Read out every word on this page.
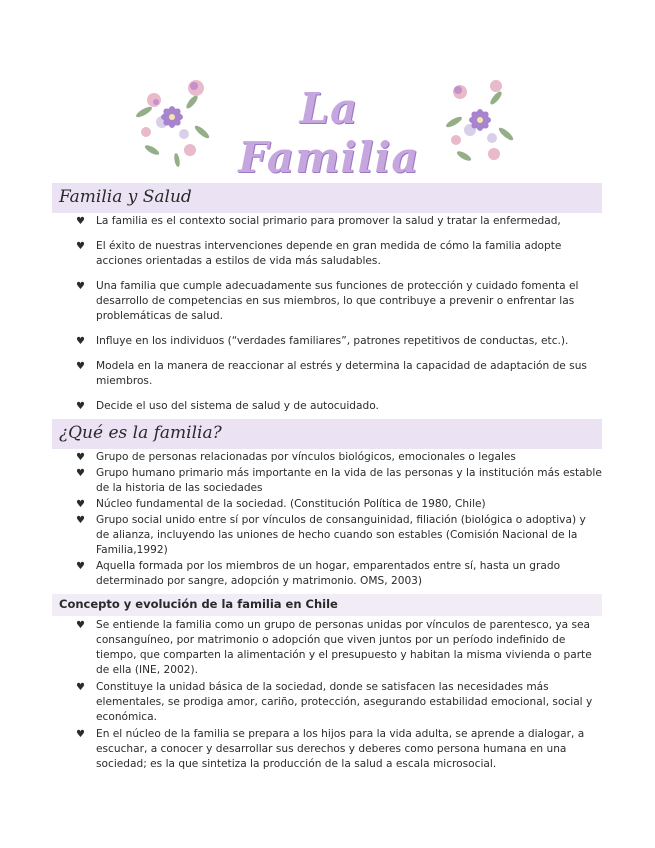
La Familia
Familia y Salud
♥ La familia es el contexto social primario para promover la salud y tratar la enfermedad,
♥ El éxito de nuestras intervenciones depende en gran medida de cómo la familia adopte acciones orientadas a estilos de vida más saludables.
♥ Una familia que cumple adecuadamente sus funciones de protección y cuidado fomenta el desarrollo de competencias en sus miembros, lo que contribuye a prevenir o enfrentar las problemáticas de salud.
♥ Influye en los individuos (“verdades familiares”, patrones repetitivos de conductas, etc.).
♥ Modela en la manera de reaccionar al estrés y determina la capacidad de adaptación de sus miembros.
♥ Decide el uso del sistema de salud y de autocuidado.
¿Qué es la familia?
♥ Grupo de personas relacionadas por vínculos biológicos, emocionales o legales
♥ Grupo humano primario más importante en la vida de las personas y la institución más estable de la historia de las sociedades
♥ Núcleo fundamental de la sociedad. (Constitución Política de 1980, Chile)
♥ Grupo social unido entre sí por vínculos de consanguinidad, filiación (biológica o adoptiva) y de alianza, incluyendo las uniones de hecho cuando son estables (Comisión Nacional de la Familia,1992)
♥ Aquella formada por los miembros de un hogar, emparentados entre sí, hasta un grado determinado por sangre, adopción y matrimonio. OMS, 2003)
Concepto y evolución de la familia en Chile
♥ Se entiende la familia como un grupo de personas unidas por vínculos de parentesco, ya sea consanguíneo, por matrimonio o adopción que viven juntos por un período indefinido de tiempo, que comparten la alimentación y el presupuesto y habitan la misma vivienda o parte de ella (INE, 2002).
♥ Constituye la unidad básica de la sociedad, donde se satisfacen las necesidades más elementales, se prodiga amor, cariño, protección, asegurando estabilidad emocional, social y económica.
♥ En el núcleo de la familia se prepara a los hijos para la vida adulta, se aprende a dialogar, a escuchar, a conocer y desarrollar sus derechos y deberes como persona humana en una sociedad; es la que sintetiza la producción de la salud a escala microsocial.
